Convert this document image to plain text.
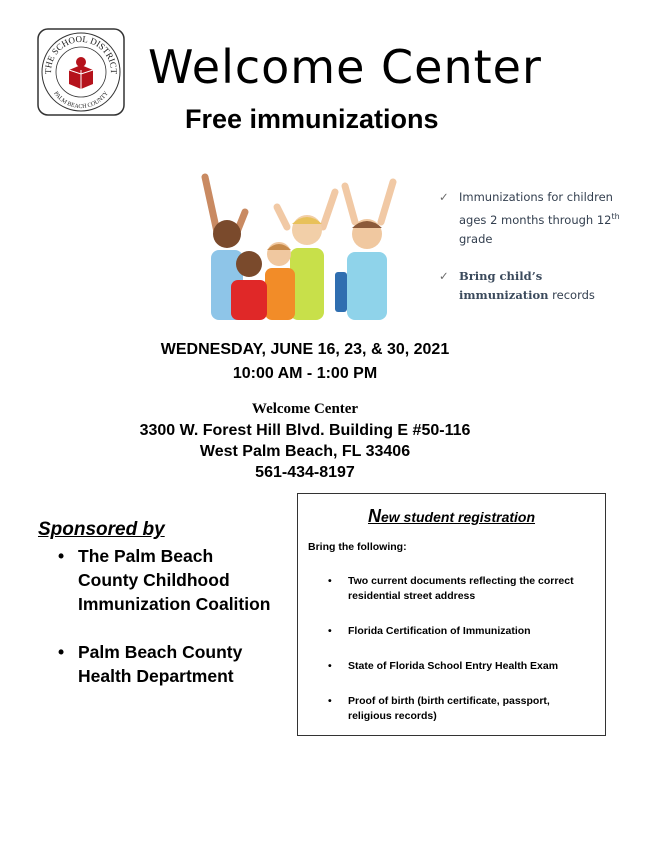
THE SCHOOL DISTRICT
PALM BEACH COUNTY
Welcome Center
Free immunizations
✓ Immunizations for children ages 2 months through 12th grade
✓ Bring child’s immunization records
WEDNESDAY, JUNE 16, 23, & 30, 2021
10:00 AM - 1:00 PM
Welcome Center
3300 W. Forest Hill Blvd. Building E #50-116
West Palm Beach, FL 33406
561-434-8197
Sponsored by
• The Palm Beach County Childhood Immunization Coalition
• Palm Beach County Health Department
New student registration
Bring the following:
• Two current documents reflecting the correct residential street address
• Florida Certification of Immunization
• State of Florida School Entry Health Exam
• Proof of birth (birth certificate, passport, religious records)
